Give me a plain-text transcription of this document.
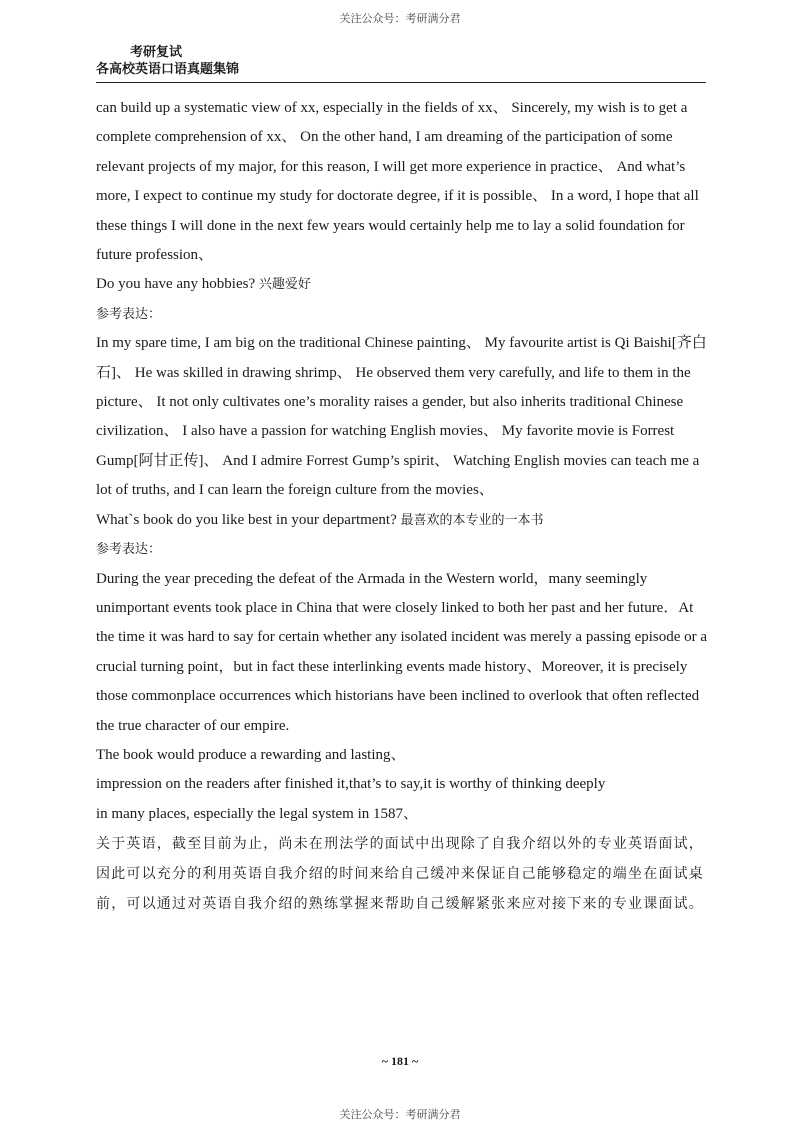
关注公众号：考研满分君
考研复试
各高校英语口语真题集锦

can build up a systematic view of xx, especially in the fields of xx、 Sincerely, my wish is to get a complete comprehension of xx、 On the other hand, I am dreaming of the participation of some relevant projects of my major, for this reason, I will get more experience in practice、 And what’s more, I expect to continue my study for doctorate degree, if it is possible、 In a word, I hope that all these things I will done in the next few years would certainly help me to lay a solid foundation for future profession、

Do you have any hobbies? 兴趣爱好

参考表达：

In my spare time, I am big on the traditional Chinese painting、 My favourite artist is Qi Baishi[齐白石]、 He was skilled in drawing shrimp、 He observed them very carefully, and life to them in the picture、 It not only cultivates one’s morality raises a gender, but also inherits traditional Chinese civilization、 I also have a passion for watching English movies、 My favorite movie is Forrest Gump[阿甘正传]、 And I admire Forrest Gump’s spirit、 Watching English movies can teach me a lot of truths, and I can learn the foreign culture from the movies、

What`s book do you like best in your department? 最喜欢的本专业的一本书

参考表达：

During the year preceding the defeat of the Armada in the Western world，many seemingly unimportant events took place in China that were closely linked to both her past and her future．At the time it was hard to say for certain whether any isolated incident was merely a passing episode or a crucial turning point，but in fact these interlinking events made history、Moreover, it is precisely those commonplace occurrences which historians have been inclined to overlook that often reflected the true character of our empire.

The book would produce a rewarding and lasting、

impression on the readers after finished it,that’s to say,it is worthy of thinking deeply

in many places, especially the legal system in 1587、

关于英语，截至目前为止，尚未在刑法学的面试中出现除了自我介绍以外的专业英语面试，因此可以充分的利用英语自我介绍的时间来给自己缓冲来保证自己能够稳定的端坐在面试桌前，可以通过对英语自我介绍的熟练掌握来帮助自己缓解紧张来应对接下来的专业课面试。

~ 181 ~
关注公众号：考研满分君
